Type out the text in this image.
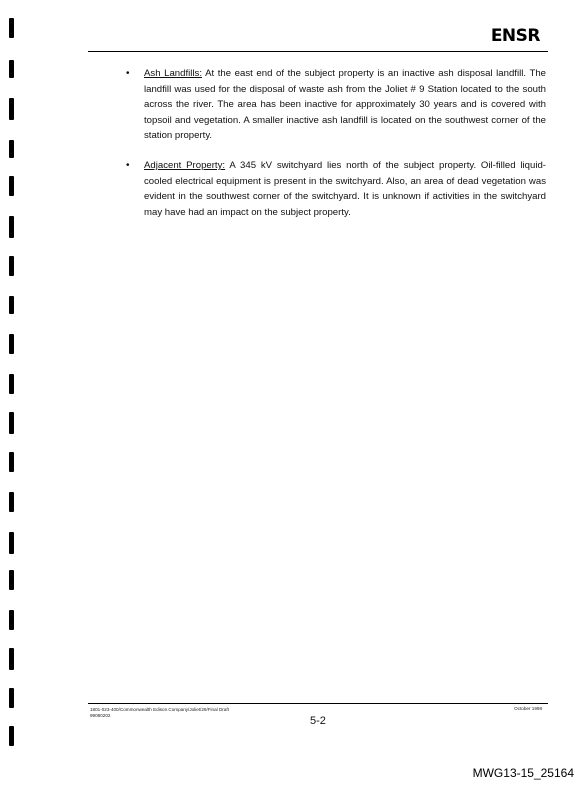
ENSR
• Ash Landfills: At the east end of the subject property is an inactive ash disposal landfill. The landfill was used for the disposal of waste ash from the Joliet # 9 Station located to the south across the river. The area has been inactive for approximately 30 years and is covered with topsoil and vegetation. A smaller inactive ash landfill is located on the southwest corner of the station property.
• Adjacent Property: A 345 kV switchyard lies north of the subject property. Oil-filled liquid-cooled electrical equipment is present in the switchyard. Also, an area of dead vegetation was evident in the southwest corner of the switchyard. It is unknown if activities in the switchyard may have had an impact on the subject property.
1801-023-400/Commonwealth Edison Company/Joliet/29/Final Draft
99080202	5-2
October 1998
MWG13-15_25164
